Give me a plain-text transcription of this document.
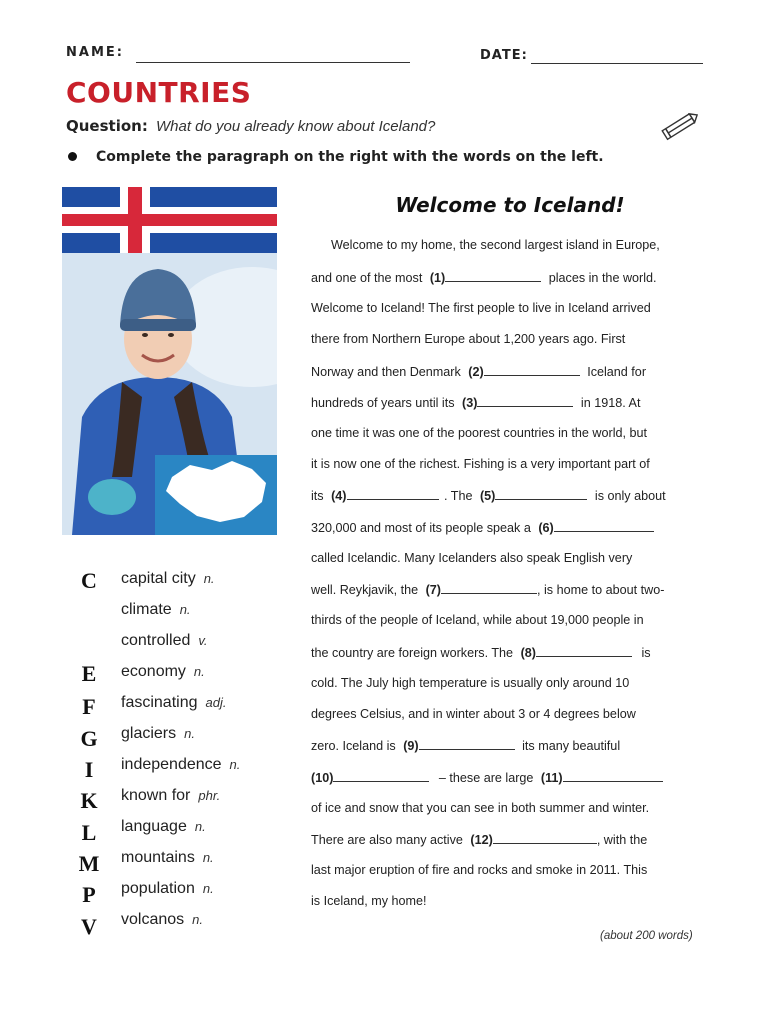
NAME:	DATE:
COUNTRIES
Question: What do you already know about Iceland?
Complete the paragraph on the right with the words on the left.
C capital city n.
climate n.
controlled v.
E economy n.
F fascinating adj.
G glaciers n.
I	independence n.
K known for phr.
L language n.
M mountains n.
P population n.
V volcanos n.
Welcome to Iceland!
Welcome to my home, the second largest island in Europe,
and one of the most (1)	places in the world.
Welcome to Iceland! The first people to live in Iceland arrived
there from Northern Europe about 1,200 years ago. First
Norway and then Denmark (2)	Iceland for
hundreds of years until its (3)	in 1918. At
one time it was one of the poorest countries in the world, but
it is now one of the richest. Fishing is a very important part of
its (4)	. The (5)	is only about
320,000 and most of its people speak a (6)
called Icelandic. Many Icelanders also speak English very
well. Reykjavik, the (7)	, is home to about two-
thirds of the people of Iceland, while about 19,000 people in
the country are foreign workers. The (8)	is
cold. The July high temperature is usually only around 10
degrees Celsius, and in winter about 3 or 4 degrees below
zero. Iceland is (9)	its many beautiful
(10)	– these are large (11)
of ice and snow that you can see in both summer and winter.
There are also many active (12)	, with the
last major eruption of fire and rocks and smoke in 2011. This
is Iceland, my home!
(about 200 words)
